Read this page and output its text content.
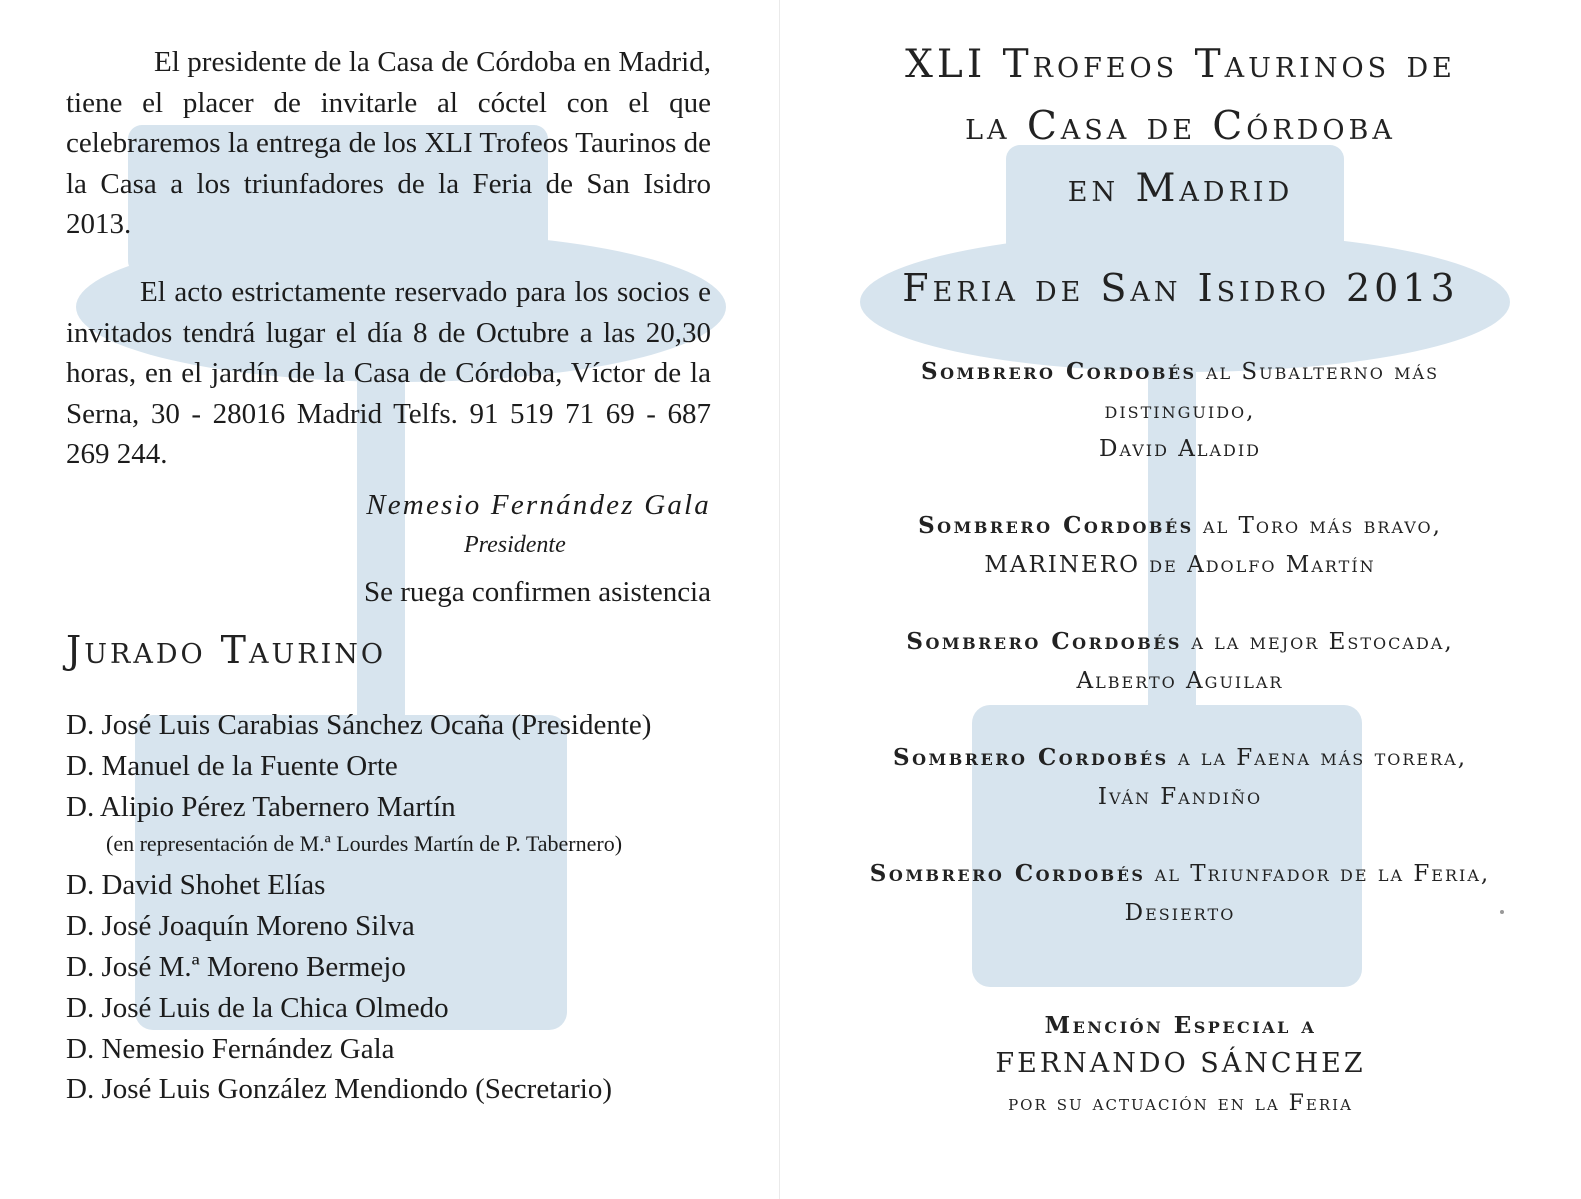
El presidente de la Casa de Córdoba en Madrid, tiene el placer de invitarle al cóctel con el que celebraremos la entrega de los XLI Trofeos Taurinos de la Casa a los triunfadores de la Feria de San Isidro 2013.

El acto estrictamente reservado para los socios e invitados tendrá lugar el día 8 de Octubre a las 20,30 horas, en el jardín de la Casa de Córdoba, Víctor de la Serna, 30 - 28016 Madrid Telfs. 91 519 71 69 - 687 269 244.

Nemesio Fernández Gala
Presidente
Se ruega confirmen asistencia
Jurado Taurino
D. José Luis Carabias Sánchez Ocaña (Presidente)
D. Manuel de la Fuente Orte
D. Alipio Pérez Tabernero Martín
(en representación de M.ª Lourdes Martín de P. Tabernero)
D. David Shohet Elías
D. José Joaquín Moreno Silva
D. José M.ª Moreno Bermejo
D. José Luis de la Chica Olmedo
D. Nemesio Fernández Gala
D. José Luis González Mendiondo (Secretario)
XLI Trofeos Taurinos de
la Casa de Córdoba
en Madrid
Feria de San Isidro 2013
Sombrero Cordobés al Subalterno más distinguido,
David Aladid
Sombrero Cordobés al Toro más bravo,
MARINERO de Adolfo Martín
Sombrero Cordobés a la mejor Estocada,
Alberto Aguilar
Sombrero Cordobés a la Faena más torera,
Iván Fandiño
Sombrero Cordobés al Triunfador de la Feria,
Desierto
Mención Especial a
FERNANDO SÁNCHEZ
por su actuación en la Feria
